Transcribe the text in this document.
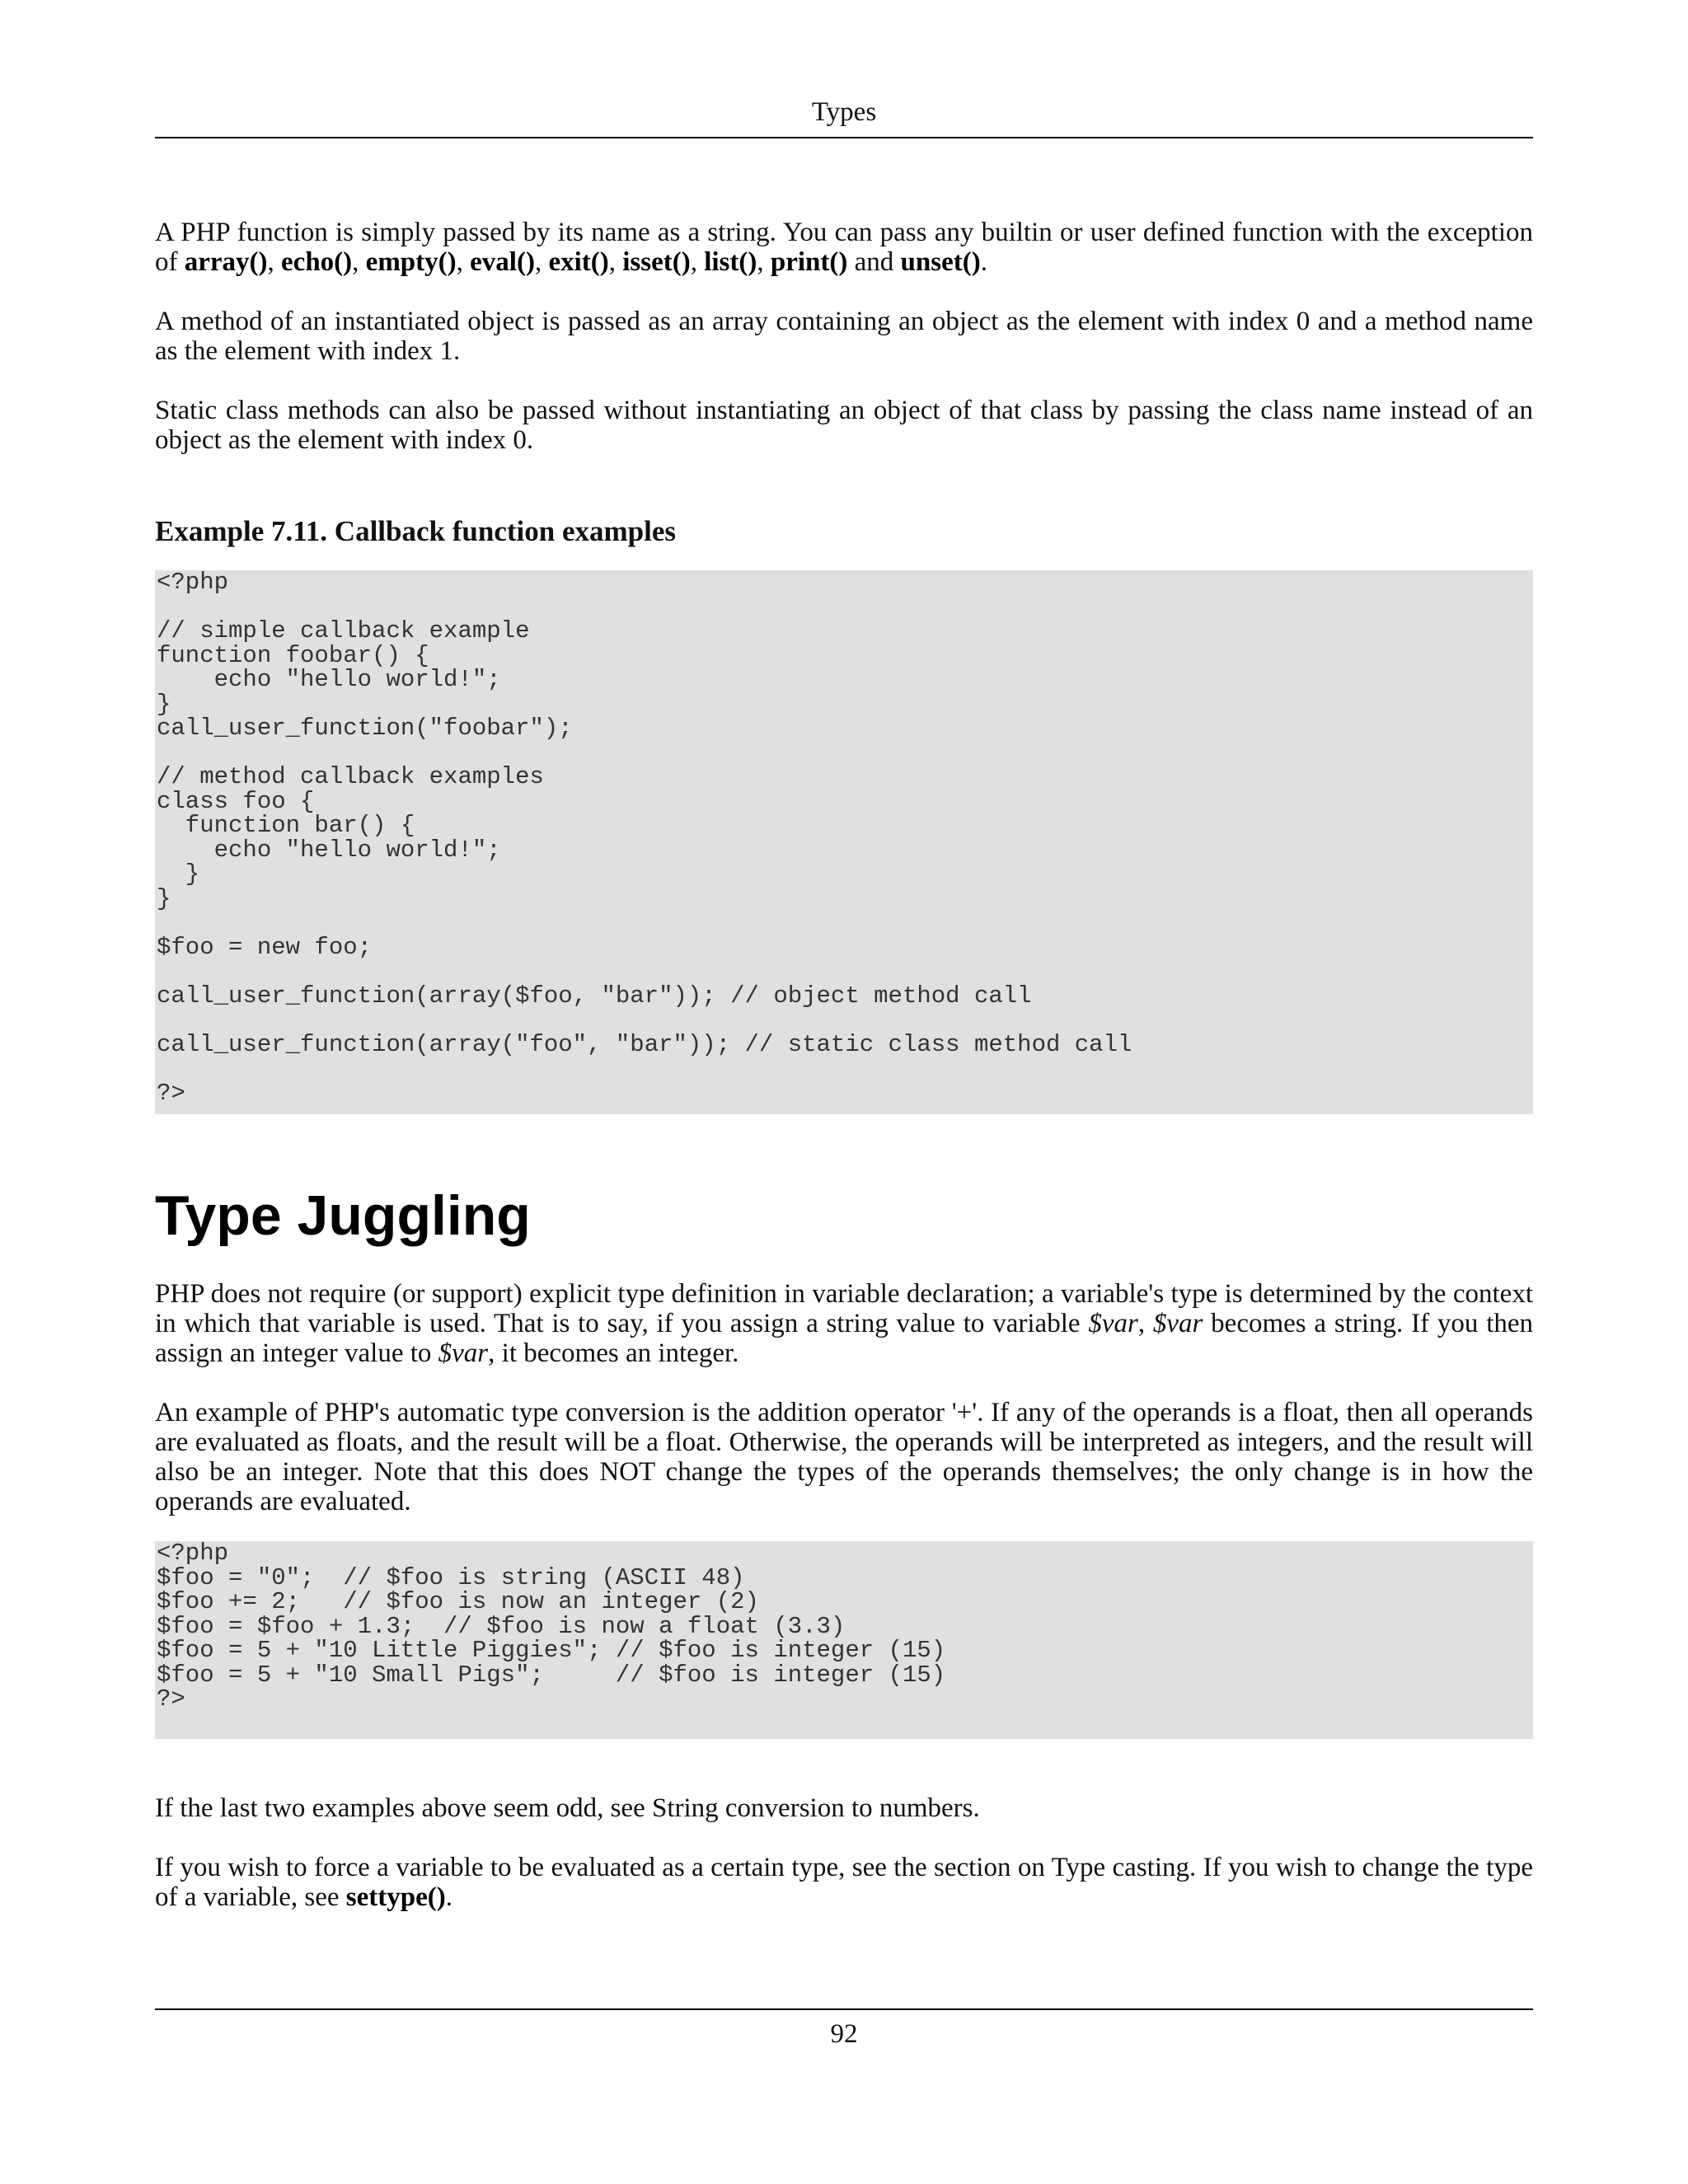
Types

A PHP function is simply passed by its name as a string. You can pass any builtin or user defined function with the exception of array(), echo(), empty(), eval(), exit(), isset(), list(), print() and unset().

A method of an instantiated object is passed as an array containing an object as the element with index 0 and a method name as the element with index 1.

Static class methods can also be passed without instantiating an object of that class by passing the class name instead of an object as the element with index 0.

Example 7.11. Callback function examples
<?php

// simple callback example
function foobar() {
echo "hello world!";
}
call_user_function("foobar");

// method callback examples
class foo {
function bar() {
echo "hello world!";
}
}

$foo = new foo;

call_user_function(array($foo, "bar")); // object method call

call_user_function(array("foo", "bar")); // static class method call

?>
Type Juggling

PHP does not require (or support) explicit type definition in variable declaration; a variable's type is determined by the context in which that variable is used. That is to say, if you assign a string value to variable $var, $var becomes a string. If you then assign an integer value to $var, it becomes an integer.

An example of PHP's automatic type conversion is the addition operator '+'. If any of the operands is a float, then all operands are evaluated as floats, and the result will be a float. Otherwise, the operands will be interpreted as integers, and the result will also be an integer. Note that this does NOT change the types of the operands themselves; the only change is in how the operands are evaluated.

<?php
$foo = "0";  // $foo is string (ASCII 48)
$foo += 2;   // $foo is now an integer (2)
$foo = $foo + 1.3;  // $foo is now a float (3.3)
$foo = 5 + "10 Little Piggies"; // $foo is integer (15)
$foo = 5 + "10 Small Pigs";     // $foo is integer (15)
?>

If the last two examples above seem odd, see String conversion to numbers.

If you wish to force a variable to be evaluated as a certain type, see the section on Type casting. If you wish to change the type of a variable, see settype().

92
